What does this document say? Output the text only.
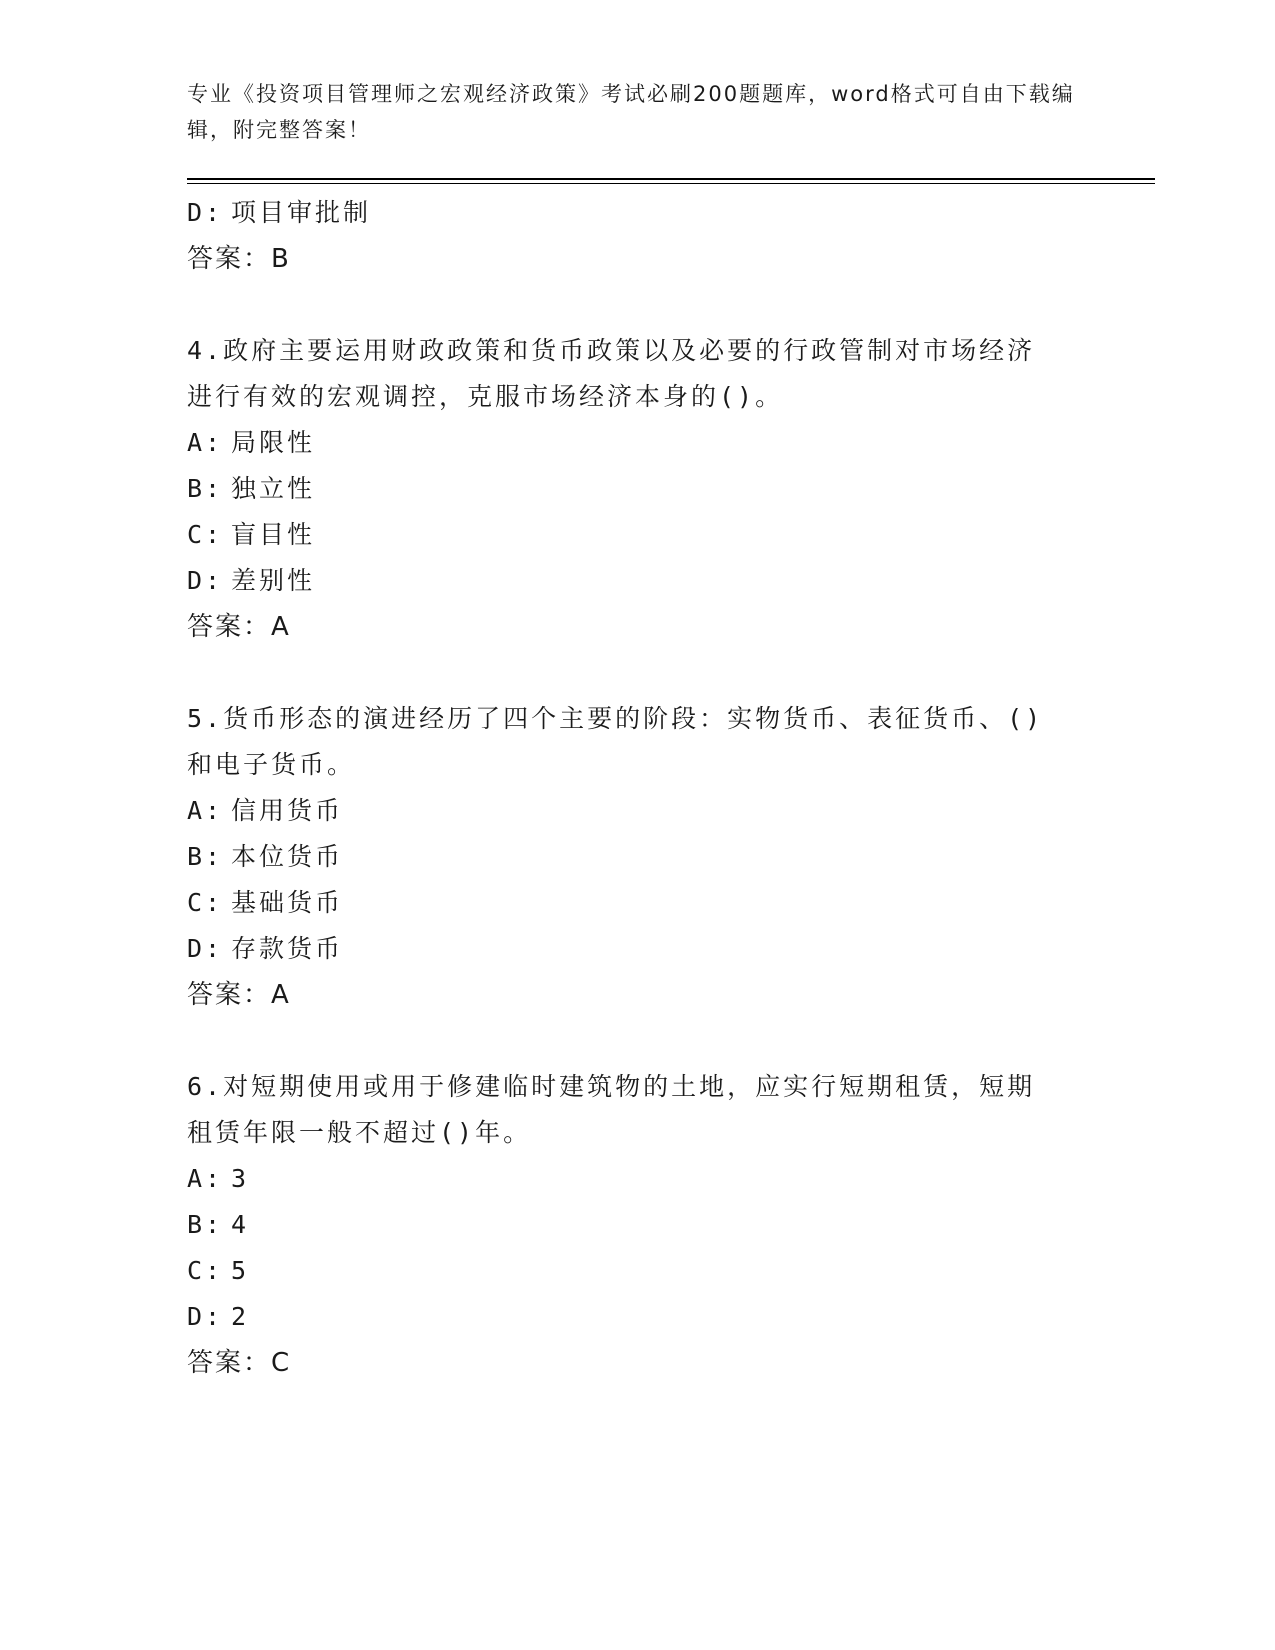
专业《投资项目管理师之宏观经济政策》考试必刷200题题库，word格式可自由下载编辑，附完整答案！
D: 项目审批制
答案：B
4.政府主要运用财政政策和货币政策以及必要的行政管制对市场经济
进行有效的宏观调控，克服市场经济本身的()。
A: 局限性
B: 独立性
C: 盲目性
D: 差别性
答案：A
5.货币形态的演进经历了四个主要的阶段：实物货币、表征货币、()
和电子货币。
A: 信用货币
B: 本位货币
C: 基础货币
D: 存款货币
答案：A
6.对短期使用或用于修建临时建筑物的土地，应实行短期租赁，短期
租赁年限一般不超过()年。
A: 3
B: 4
C: 5
D: 2
答案：C
